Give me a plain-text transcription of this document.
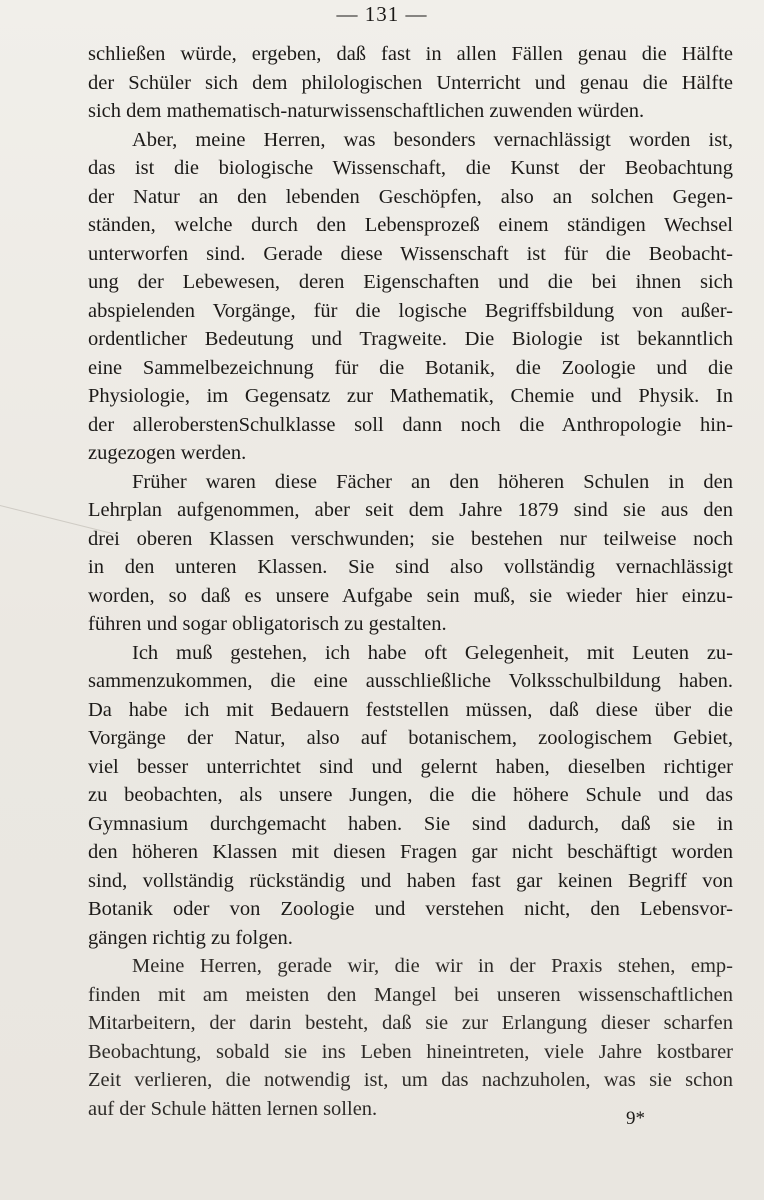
— 131 —
schließen würde, ergeben, daß fast in allen Fällen genau die Hälfte
der Schüler sich dem philologischen Unterricht und genau die Hälfte
sich dem mathematisch-naturwissenschaftlichen zuwenden würden.
Aber, meine Herren, was besonders vernachlässigt worden ist,
das ist die biologische Wissenschaft, die Kunst der Beobachtung
der Natur an den lebenden Geschöpfen, also an solchen Gegen-
ständen, welche durch den Lebensprozeß einem ständigen Wechsel
unterworfen sind. Gerade diese Wissenschaft ist für die Beobacht-
ung der Lebewesen, deren Eigenschaften und die bei ihnen sich
abspielenden Vorgänge, für die logische Begriffsbildung von außer-
ordentlicher Bedeutung und Tragweite. Die Biologie ist bekanntlich
eine Sammelbezeichnung für die Botanik, die Zoologie und die
Physiologie, im Gegensatz zur Mathematik, Chemie und Physik. In
der alleroberstenSchulklasse soll dann noch die Anthropologie hin-
zugezogen werden.
Früher waren diese Fächer an den höheren Schulen in den
Lehrplan aufgenommen, aber seit dem Jahre 1879 sind sie aus den
drei oberen Klassen verschwunden; sie bestehen nur teilweise noch
in den unteren Klassen. Sie sind also vollständig vernachlässigt
worden, so daß es unsere Aufgabe sein muß, sie wieder hier einzu-
führen und sogar obligatorisch zu gestalten.
Ich muß gestehen, ich habe oft Gelegenheit, mit Leuten zu-
sammenzukommen, die eine ausschließliche Volksschulbildung haben.
Da habe ich mit Bedauern feststellen müssen, daß diese über die
Vorgänge der Natur, also auf botanischem, zoologischem Gebiet,
viel besser unterrichtet sind und gelernt haben, dieselben richtiger
zu beobachten, als unsere Jungen, die die höhere Schule und das
Gymnasium durchgemacht haben. Sie sind dadurch, daß sie in
den höheren Klassen mit diesen Fragen gar nicht beschäftigt worden
sind, vollständig rückständig und haben fast gar keinen Begriff von
Botanik oder von Zoologie und verstehen nicht, den Lebensvor-
gängen richtig zu folgen.
Meine Herren, gerade wir, die wir in der Praxis stehen, emp-
finden mit am meisten den Mangel bei unseren wissenschaftlichen
Mitarbeitern, der darin besteht, daß sie zur Erlangung dieser scharfen
Beobachtung, sobald sie ins Leben hineintreten, viele Jahre kostbarer
Zeit verlieren, die notwendig ist, um das nachzuholen, was sie schon
auf der Schule hätten lernen sollen.	9*
